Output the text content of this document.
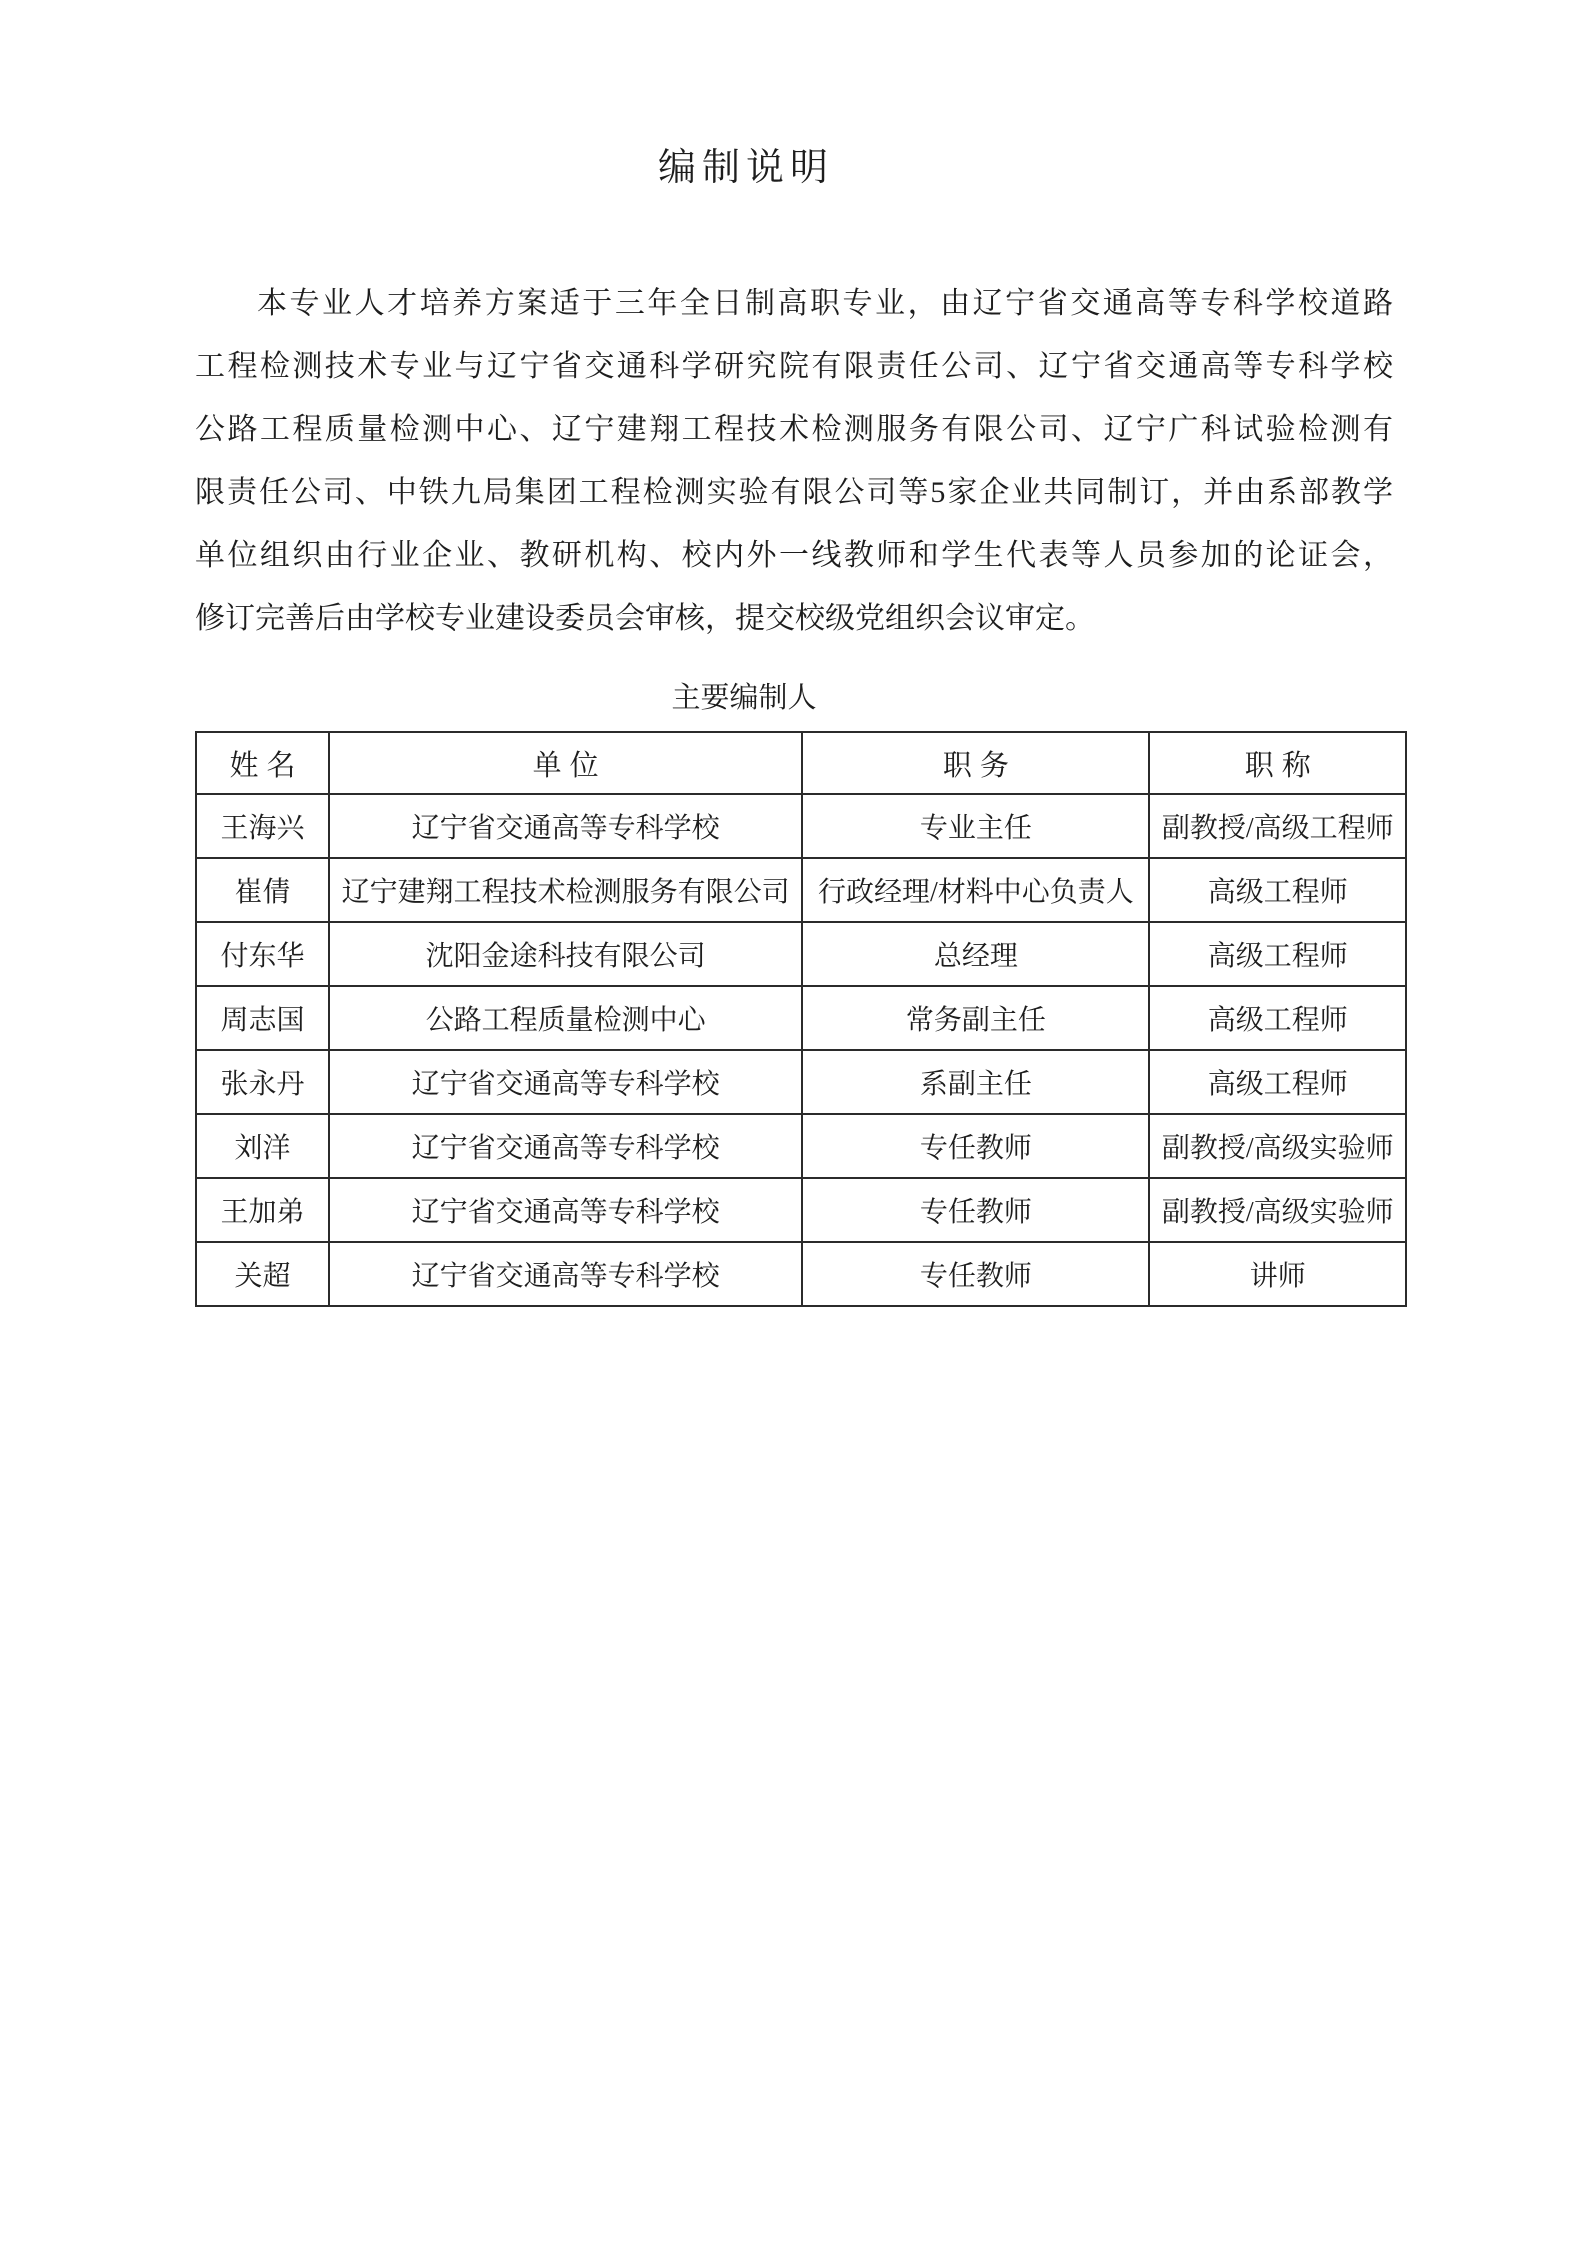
编制说明
本专业人才培养方案适于三年全日制高职专业，由辽宁省交通高等专科学校道路
工程检测技术专业与辽宁省交通科学研究院有限责任公司、辽宁省交通高等专科学校
公路工程质量检测中心、辽宁建翔工程技术检测服务有限公司、辽宁广科试验检测有
限责任公司、中铁九局集团工程检测实验有限公司等5家企业共同制订，并由系部教学
单位组织由行业企业、教研机构、校内外一线教师和学生代表等人员参加的论证会，
修订完善后由学校专业建设委员会审核，提交校级党组织会议审定。
主要编制人
姓名	单位	职务	职称
王海兴	辽宁省交通高等专科学校	专业主任	副教授/高级工程师
崔倩	辽宁建翔工程技术检测服务有限公司	行政经理/材料中心负责人	高级工程师
付东华	沈阳金途科技有限公司	总经理	高级工程师
周志国	公路工程质量检测中心	常务副主任	高级工程师
张永丹	辽宁省交通高等专科学校	系副主任	高级工程师
刘洋	辽宁省交通高等专科学校	专任教师	副教授/高级实验师
王加弟	辽宁省交通高等专科学校	专任教师	副教授/高级实验师
关超	辽宁省交通高等专科学校	专任教师	讲师
